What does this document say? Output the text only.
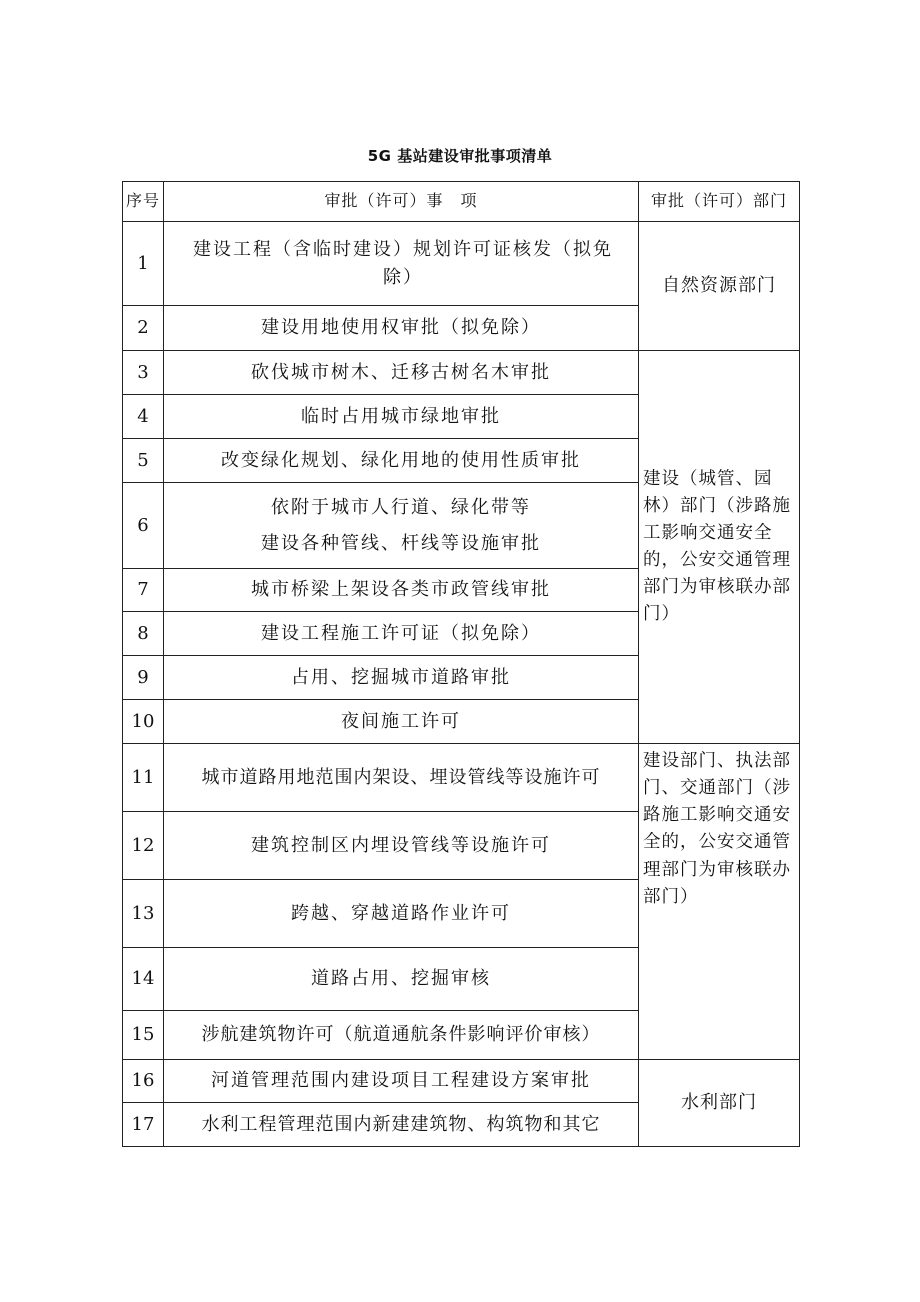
5G 基站建设审批事项清单
序号	审批（许可）事　项	审批（许可）部门
1	建设工程（含临时建设）规划许可证核发（拟免除）	自然资源部门
2	建设用地使用权审批（拟免除）	
3	砍伐城市树木、迁移古树名木审批	建设（城管、园林）部门（涉路施工影响交通安全的，公安交通管理部门为审核联办部门）
4	临时占用城市绿地审批	
5	改变绿化规划、绿化用地的使用性质审批	
6	依附于城市人行道、绿化带等
建设各种管线、杆线等设施审批	

7	城市桥梁上架设各类市政管线审批	
8	建设工程施工许可证（拟免除）	
9	占用、挖掘城市道路审批	
10	夜间施工许可	
11	城市道路用地范围内架设、埋设管线等设施许可	建设部门、执法部门、交通部门（涉路施工影响交通安全的，公安交通管理部门为审核联办部门）
12	建筑控制区内埋设管线等设施许可	
13	跨越、穿越道路作业许可	
14	道路占用、挖掘审核	
15	涉航建筑物许可（航道通航条件影响评价审核）	
16	河道管理范围内建设项目工程建设方案审批	水利部门
17	水利工程管理范围内新建建筑物、构筑物和其它	
